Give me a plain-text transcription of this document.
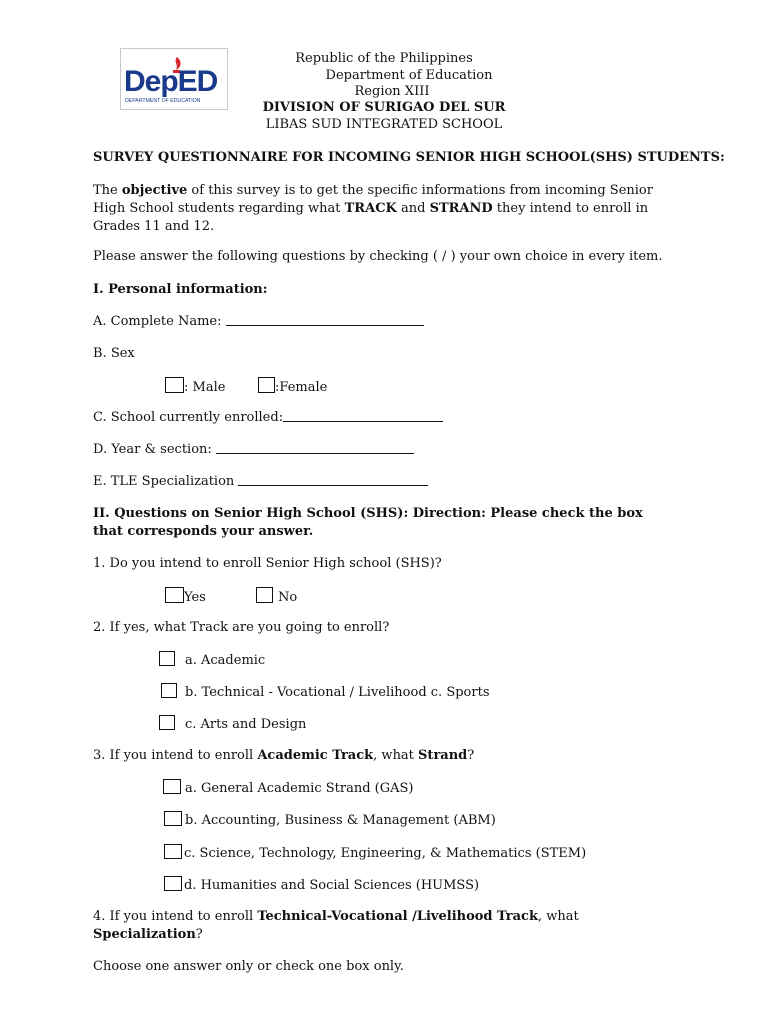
DepED
DEPARTMENT OF EDUCATION
Republic of the Philippines
Department of Education
Region XIII
DIVISION OF SURIGAO DEL SUR
LIBAS SUD INTEGRATED SCHOOL
SURVEY QUESTIONNAIRE FOR INCOMING SENIOR HIGH SCHOOL(SHS) STUDENTS:
The objective of this survey is to get the specific informations from incoming Senior High School students regarding what TRACK and STRAND they intend to enroll in Grades 11 and 12.
Please answer the following questions by checking ( / ) your own choice in every item.
I. Personal information:
A. Complete Name:
B. Sex
: Male	:Female
C. School currently enrolled:
D. Year & section:
E. TLE Specialization
II. Questions on Senior High School (SHS): Direction: Please check the box that corresponds your answer.
1. Do you intend to enroll Senior High school (SHS)?
Yes	No
2. If yes, what Track are you going to enroll?
a. Academic
b. Technical - Vocational / Livelihood c. Sports
c. Arts and Design
3. If you intend to enroll Academic Track, what Strand?
a. General Academic Strand (GAS)
b. Accounting, Business & Management (ABM)
c. Science, Technology, Engineering, & Mathematics (STEM)
d. Humanities and Social Sciences (HUMSS)
4. If you intend to enroll Technical-Vocational /Livelihood Track, what Specialization?
Choose one answer only or check one box only.
